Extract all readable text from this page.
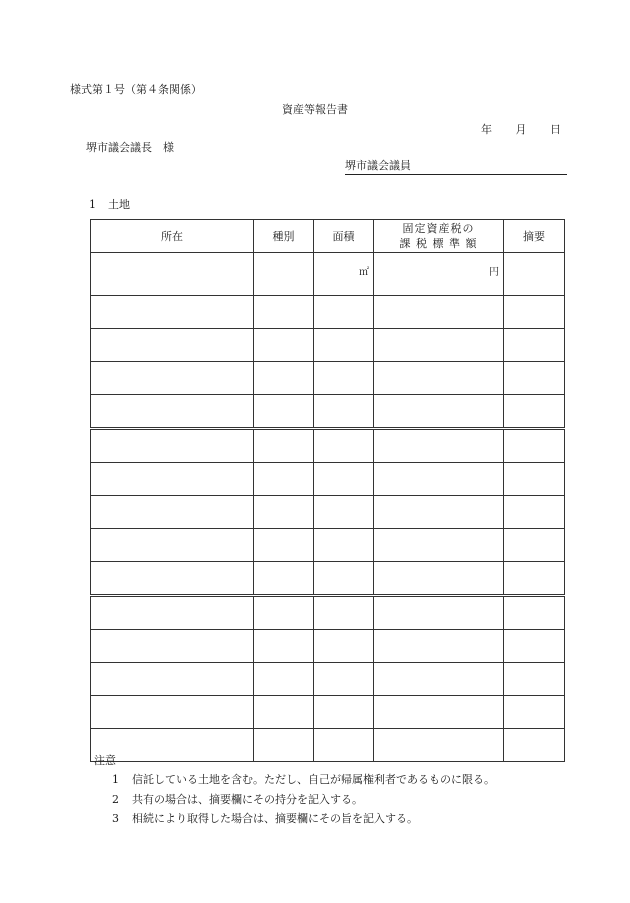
様式第１号（第４条関係）
資産等報告書
年 月 日
堺市議会議長　様
堺市議会議員
1 土地
所在	種別	面積	固定資産税の
課 税 標 準 額	摘要
		㎡	円	

注意
1 信託している土地を含む。ただし、自己が帰属権利者であるものに限る。
2 共有の場合は、摘要欄にその持分を記入する。
3 相続により取得した場合は、摘要欄にその旨を記入する。
